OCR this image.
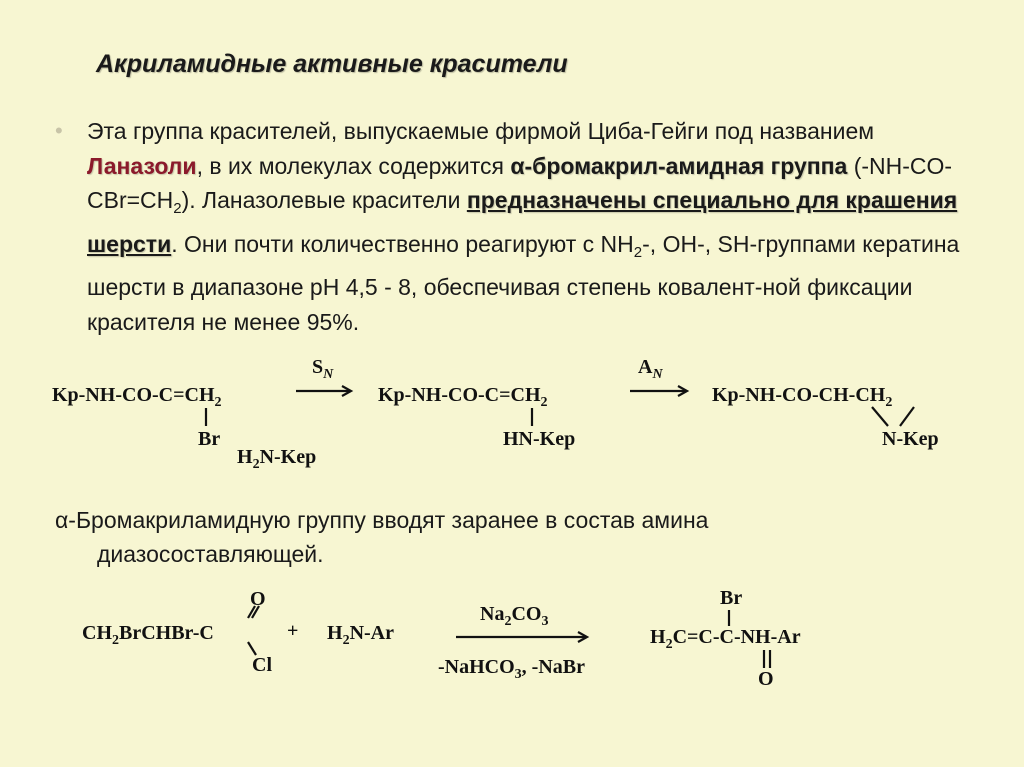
Акриламидные активные красители
• Эта группа красителей, выпускаемые фирмой Циба-Гейги под названием Ланазоли, в их молекулах содержится α-бромакрил-амидная группа $(-NH-CO-CBr=CH_2)$. Ланазолевые красители предназначены специально для крашения шерсти. Они почти количественно реагируют с $NH_2-$, OH-, SH-группами кератина шерсти в диапазоне pH 4,5 - 8, обеспечивая степень ковалент-ной фиксации красителя не менее 95%.
$Kp-NH-CO-C=CH_2$
Br
$H_2N$-Kep
$S_N$
$Kp-NH-CO-C=CH_2$
HN-Kep
$A_N$
$Kp-NH-CO-CH-CH_2$
N-Kep
α-Бромакриламидную группу вводят заранее в состав амина
диазосоставляющей.
$CH_2BrCHBr-C$
O
Cl
+ $H_2N-Ar$
$Na_2CO_3$
-NaHCO$_3$, -NaBr
Br
$H_2C=C-C-NH-Ar$
O
